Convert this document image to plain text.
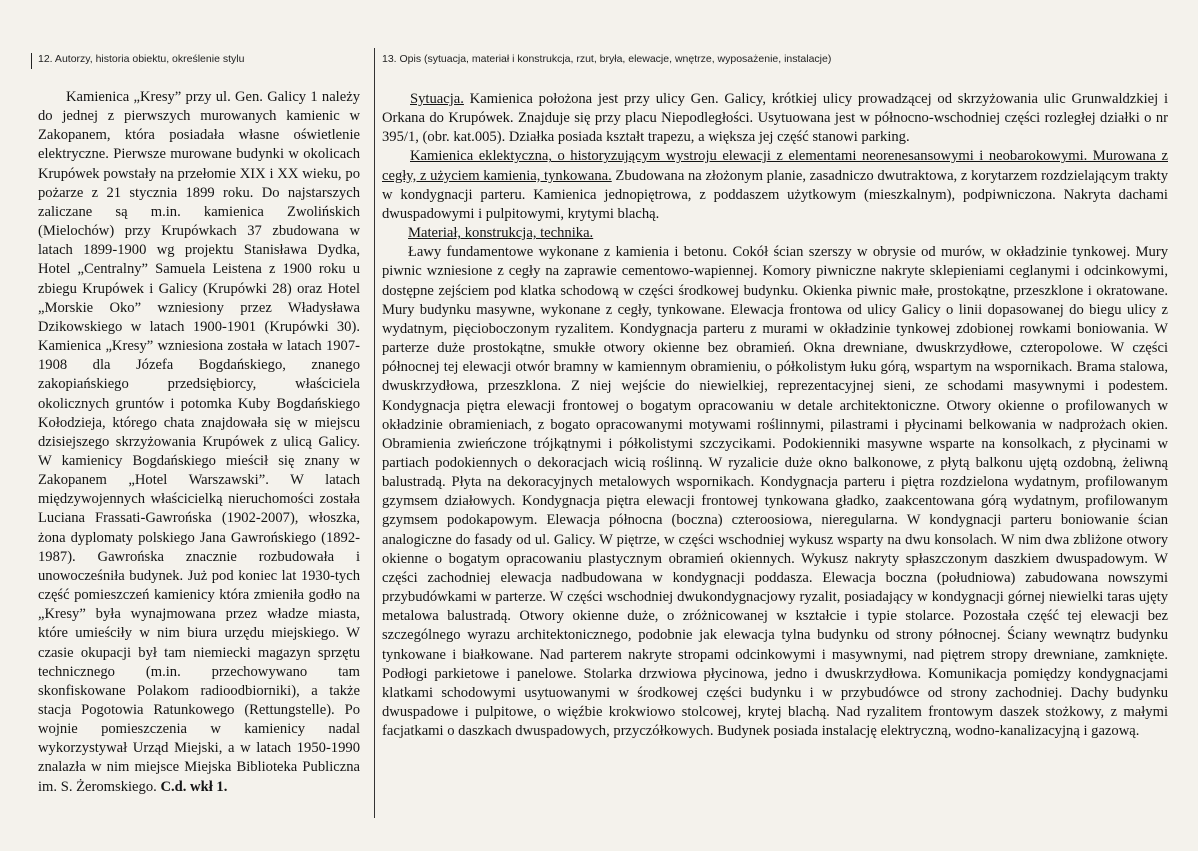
12. Autorzy, historia obiektu, określenie stylu

Kamienica „Kresy” przy ul. Gen. Galicy 1 należy do jednej z pierwszych murowanych kamienic w Zakopanem, która posiadała własne oświetlenie elektryczne. Pierwsze murowane budynki w okolicach Krupówek powstały na przełomie XIX i XX wieku, po pożarze z 21 stycznia 1899 roku. Do najstarszych zaliczane są m.in. kamienica Zwolińskich (Mielochów) przy Krupówkach 37 zbudowana w latach 1899-1900 wg projektu Stanisława Dydka, Hotel „Centralny” Samuela Leistena z 1900 roku u zbiegu Krupówek i Galicy (Krupówki 28) oraz Hotel „Morskie Oko” wzniesiony przez Władysława Dzikowskiego w latach 1900-1901 (Krupówki 30). Kamienica „Kresy” wzniesiona została w latach 1907-1908 dla Józefa Bogdańskiego, znanego zakopiańskiego przedsiębiorcy, właściciela okolicznych gruntów i potomka Kuby Bogdańskiego Kołodzieja, którego chata znajdowała się w miejscu dzisiejszego skrzyżowania Krupówek z ulicą Galicy. W kamienicy Bogdańskiego mieścił się znany w Zakopanem „Hotel Warszawski”. W latach międzywojennych właścicielką nieruchomości została Luciana Frassati-Gawrońska (1902-2007), włoszka, żona dyplomaty polskiego Jana Gawrońskiego (1892-1987). Gawrońska znacznie rozbudowała i unowocześniła budynek. Już pod koniec lat 1930-tych część pomieszczeń kamienicy która zmieniła godło na „Kresy” była wynajmowana przez władze miasta, które umieściły w nim biura urzędu miejskiego. W czasie okupacji był tam niemiecki magazyn sprzętu technicznego (m.in. przechowywano tam skonfiskowane Polakom radioodbiorniki), a także stacja Pogotowia Ratunkowego (Rettungstelle). Po wojnie pomieszczenia w kamienicy nadal wykorzystywał Urząd Miejski, a w latach 1950-1990 znalazła w nim miejsce Miejska Biblioteka Publiczna im. S. Żeromskiego. C.d. wkł 1.

13. Opis (sytuacja, materiał i konstrukcja, rzut, bryła, elewacje, wnętrze, wyposażenie, instalacje)

Sytuacja. Kamienica położona jest przy ulicy Gen. Galicy, krótkiej ulicy prowadzącej od skrzyżowania ulic Grunwaldzkiej i Orkana do Krupówek. Znajduje się przy placu Niepodległości. Usytuowana jest w północno-wschodniej części rozległej działki o nr 395/1, (obr. kat.005). Działka posiada kształt trapezu, a większa jej część stanowi parking.

Kamienica eklektyczna, o historyzującym wystroju elewacji z elementami neorenesansowymi i neobarokowymi. Murowana z cegły, z użyciem kamienia, tynkowana. Zbudowana na złożonym planie, zasadniczo dwutraktowa, z korytarzem rozdzielającym trakty w kondygnacji parteru. Kamienica jednopiętrowa, z poddaszem użytkowym (mieszkalnym), podpiwniczona. Nakryta dachami dwuspadowymi i pulpitowymi, krytymi blachą.

Materiał, konstrukcja, technika.

Ławy fundamentowe wykonane z kamienia i betonu. Cokół ścian szerszy w obrysie od murów, w okładzinie tynkowej. Mury piwnic wzniesione z cegły na zaprawie cementowo-wapiennej. Komory piwniczne nakryte sklepieniami ceglanymi i odcinkowymi, dostępne zejściem pod klatka schodową w części środkowej budynku. Okienka piwnic małe, prostokątne, przeszklone i okratowane. Mury budynku masywne, wykonane z cegły, tynkowane. Elewacja frontowa od ulicy Galicy o linii dopasowanej do biegu ulicy z wydatnym, pięcioboczonym ryzalitem. Kondygnacja parteru z murami w okładzinie tynkowej zdobionej rowkami boniowania. W parterze duże prostokątne, smukłe otwory okienne bez obramień. Okna drewniane, dwuskrzydłowe, czteropolowe. W części północnej tej elewacji otwór bramny w kamiennym obramieniu, o półkolistym łuku górą, wspartym na wspornikach. Brama stalowa, dwuskrzydłowa, przeszklona. Z niej wejście do niewielkiej, reprezentacyjnej sieni, ze schodami masywnymi i podestem. Kondygnacja piętra elewacji frontowej o bogatym opracowaniu w detale architektoniczne. Otwory okienne o profilowanych w okładzinie obramieniach, z bogato opracowanymi motywami roślinnymi, pilastrami i płycinami belkowania w nadprożach okien. Obramienia zwieńczone trójkątnymi i półkolistymi szczycikami. Podokienniki masywne wsparte na konsolkach, z płycinami w partiach podokiennych o dekoracjach wicią roślinną. W ryzalicie duże okno balkonowe, z płytą balkonu ujętą ozdobną, żeliwną balustradą. Płyta na dekoracyjnych metalowych wspornikach. Kondygnacja parteru i piętra rozdzielona wydatnym, profilowanym gzymsem działowych. Kondygnacja piętra elewacji frontowej tynkowana gładko, zaakcentowana górą wydatnym, profilowanym gzymsem podokapowym. Elewacja północna (boczna) czteroosiowa, nieregularna. W kondygnacji parteru boniowanie ścian analogiczne do fasady od ul. Galicy. W piętrze, w części wschodniej wykusz wsparty na dwu konsolach. W nim dwa zbliżone otwory okienne o bogatym opracowaniu plastycznym obramień okiennych. Wykusz nakryty spłaszczonym daszkiem dwuspadowym. W części zachodniej elewacja nadbudowana w kondygnacji poddasza. Elewacja boczna (południowa) zabudowana nowszymi przybudówkami w parterze. W części wschodniej dwukondygnacjowy ryzalit, posiadający w kondygnacji górnej niewielki taras ujęty metalowa balustradą. Otwory okienne duże, o zróżnicowanej w kształcie i typie stolarce. Pozostała część tej elewacji bez szczególnego wyrazu architektonicznego, podobnie jak elewacja tylna budynku od strony północnej. Ściany wewnątrz budynku tynkowane i białkowane. Nad parterem nakryte stropami odcinkowymi i masywnymi, nad piętrem stropy drewniane, zamknięte. Podłogi parkietowe i panelowe. Stolarka drzwiowa płycinowa, jedno i dwuskrzydłowa. Komunikacja pomiędzy kondygnacjami klatkami schodowymi usytuowanymi w środkowej części budynku i w przybudówce od strony zachodniej. Dachy budynku dwuspadowe i pulpitowe, o więźbie krokwiowo stolcowej, krytej blachą. Nad ryzalitem frontowym daszek stożkowy, z małymi facjatkami o daszkach dwuspadowych, przyczółkowych. Budynek posiada instalację elektryczną, wodno-kanalizacyjną i gazową.
